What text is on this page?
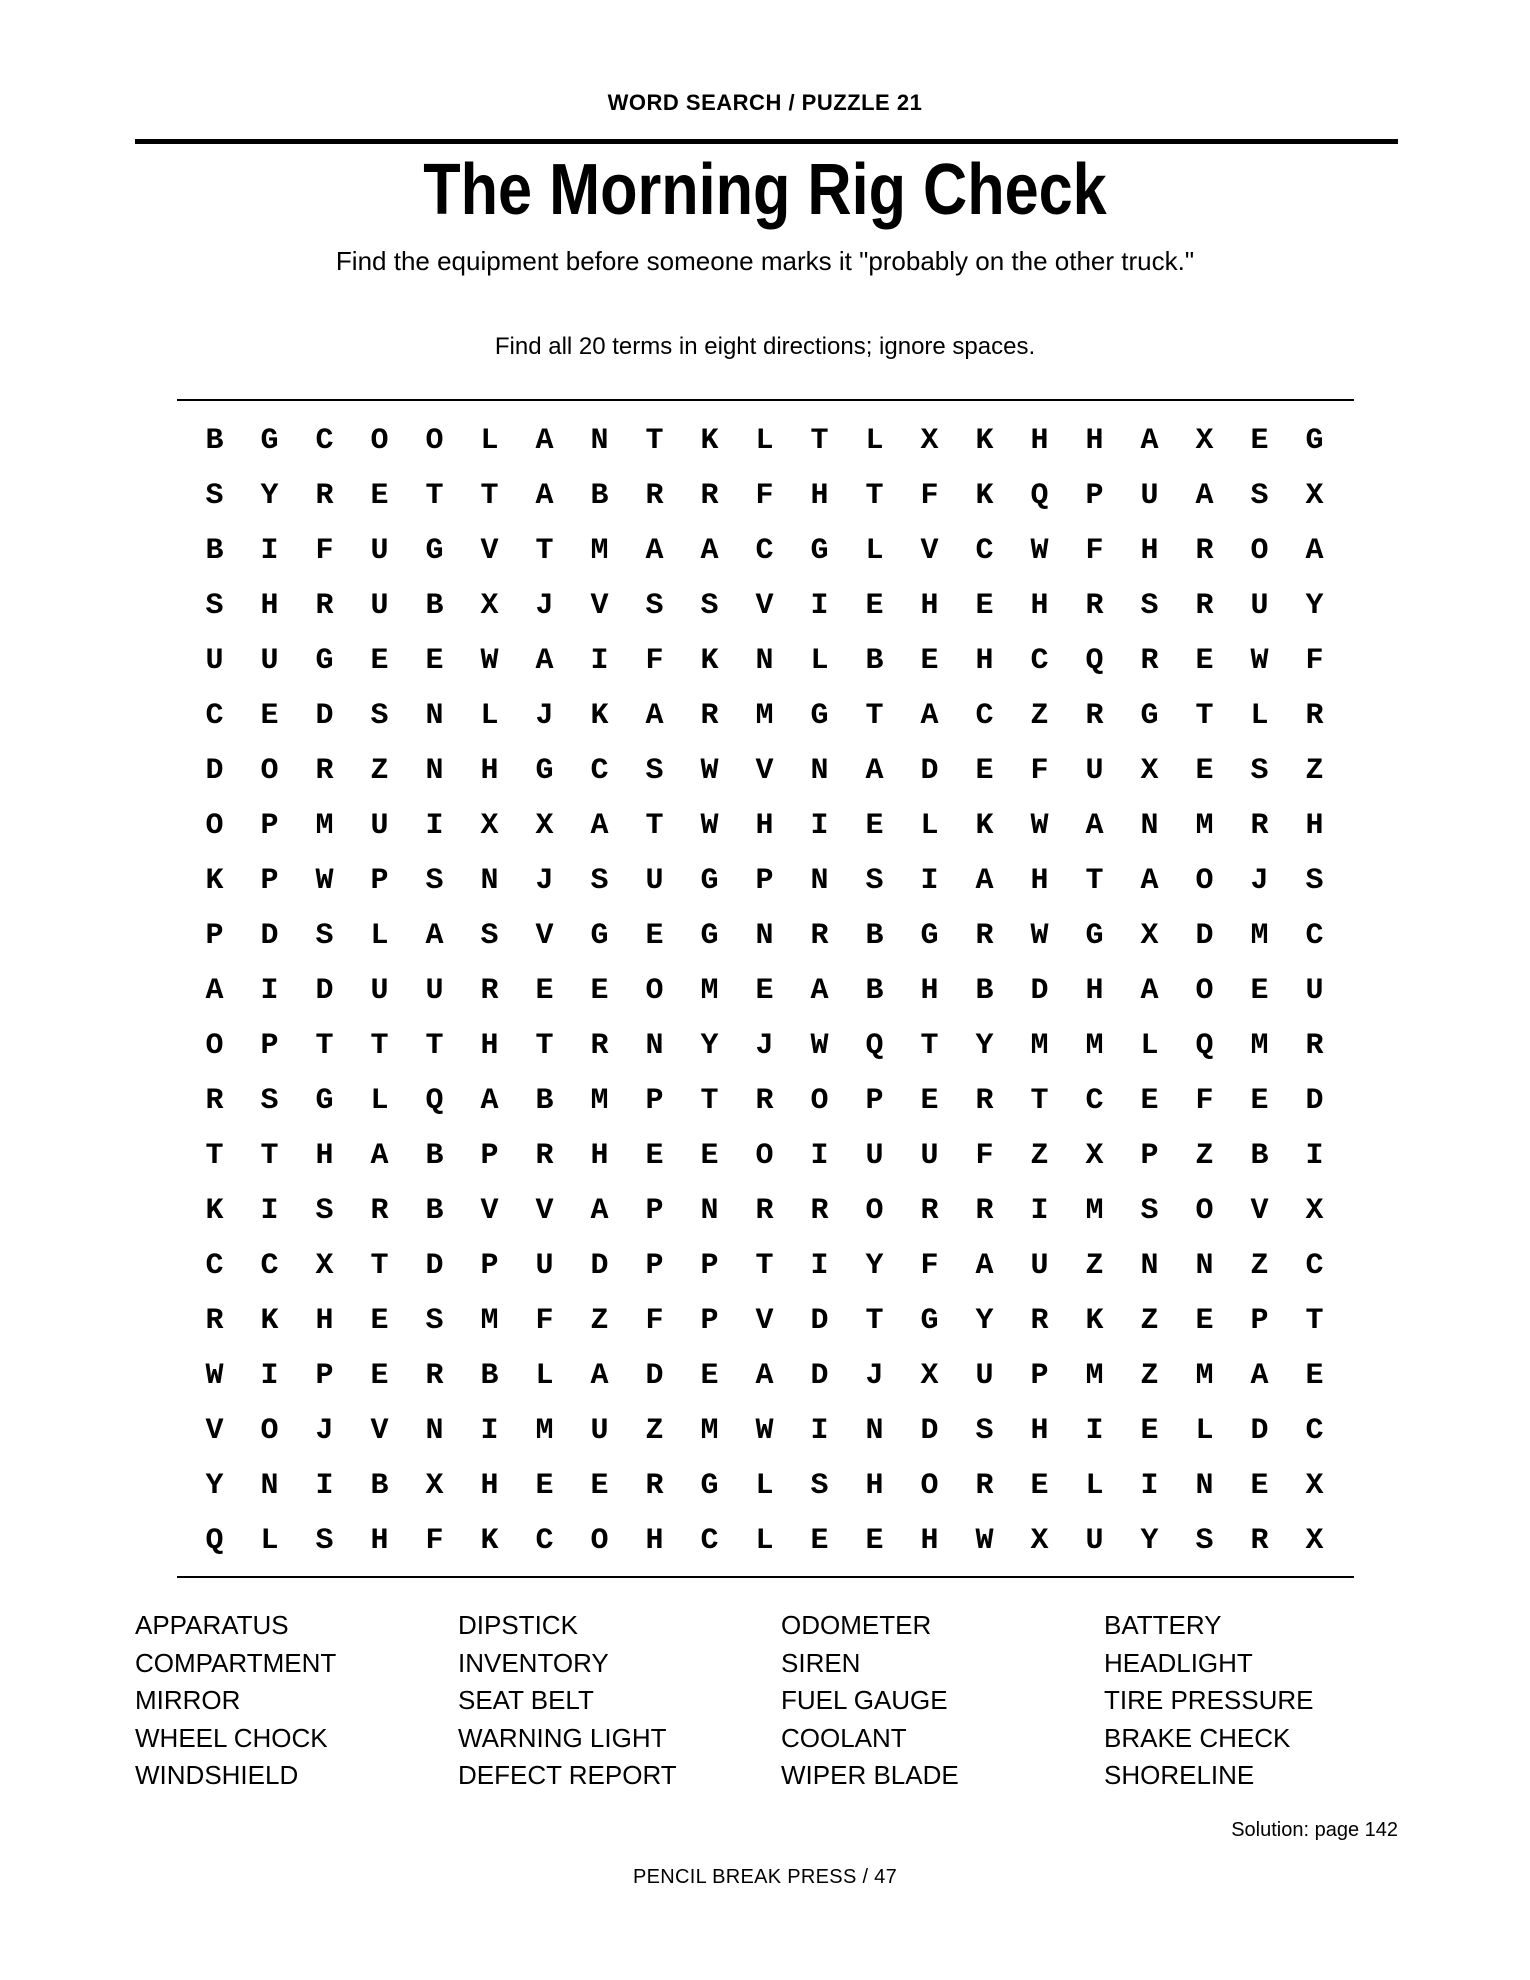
WORD SEARCH / PUZZLE 21
The Morning Rig Check
Find the equipment before someone marks it "probably on the other truck."
Find all 20 terms in eight directions; ignore spaces.
B	G	C	O	O	L	A	N	T	K	L	T	L	X	K	H	H	A	X	E	G
S	Y	R	E	T	T	A	B	R	R	F	H	T	F	K	Q	P	U	A	S	X
B	I	F	U	G	V	T	M	A	A	C	G	L	V	C	W	F	H	R	O	A
S	H	R	U	B	X	J	V	S	S	V	I	E	H	E	H	R	S	R	U	Y
U	U	G	E	E	W	A	I	F	K	N	L	B	E	H	C	Q	R	E	W	F
C	E	D	S	N	L	J	K	A	R	M	G	T	A	C	Z	R	G	T	L	R
D	O	R	Z	N	H	G	C	S	W	V	N	A	D	E	F	U	X	E	S	Z
O	P	M	U	I	X	X	A	T	W	H	I	E	L	K	W	A	N	M	R	H
K	P	W	P	S	N	J	S	U	G	P	N	S	I	A	H	T	A	O	J	S
P	D	S	L	A	S	V	G	E	G	N	R	B	G	R	W	G	X	D	M	C
A	I	D	U	U	R	E	E	O	M	E	A	B	H	B	D	H	A	O	E	U
O	P	T	T	T	H	T	R	N	Y	J	W	Q	T	Y	M	M	L	Q	M	R
R	S	G	L	Q	A	B	M	P	T	R	O	P	E	R	T	C	E	F	E	D
T	T	H	A	B	P	R	H	E	E	O	I	U	U	F	Z	X	P	Z	B	I
K	I	S	R	B	V	V	A	P	N	R	R	O	R	R	I	M	S	O	V	X
C	C	X	T	D	P	U	D	P	P	T	I	Y	F	A	U	Z	N	N	Z	C
R	K	H	E	S	M	F	Z	F	P	V	D	T	G	Y	R	K	Z	E	P	T
W	I	P	E	R	B	L	A	D	E	A	D	J	X	U	P	M	Z	M	A	E
V	O	J	V	N	I	M	U	Z	M	W	I	N	D	S	H	I	E	L	D	C
Y	N	I	B	X	H	E	E	R	G	L	S	H	O	R	E	L	I	N	E	X
Q	L	S	H	F	K	C	O	H	C	L	E	E	H	W	X	U	Y	S	R	X
APPARATUS
COMPARTMENT
MIRROR
WHEEL CHOCK
WINDSHIELD
DIPSTICK
INVENTORY
SEAT BELT
WARNING LIGHT
DEFECT REPORT
ODOMETER
SIREN
FUEL GAUGE
COOLANT
WIPER BLADE
BATTERY
HEADLIGHT
TIRE PRESSURE
BRAKE CHECK
SHORELINE
Solution: page 142
PENCIL BREAK PRESS / 47
